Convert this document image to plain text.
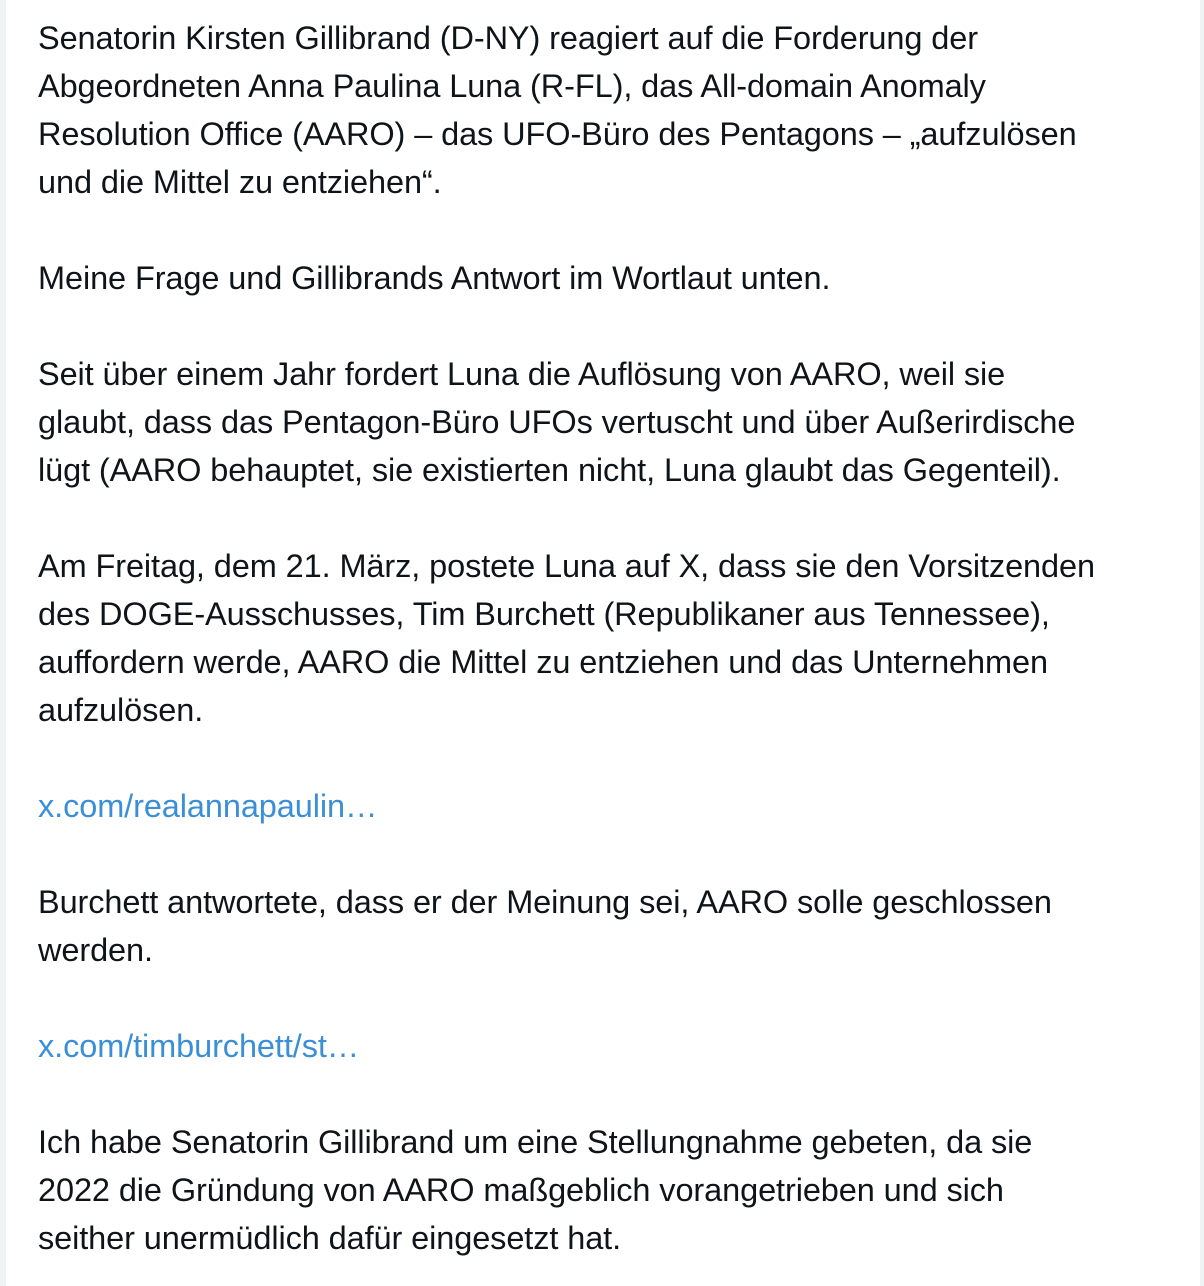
Senatorin Kirsten Gillibrand (D-NY) reagiert auf die Forderung der
Abgeordneten Anna Paulina Luna (R-FL), das All-domain Anomaly
Resolution Office (AARO) – das UFO-Büro des Pentagons – „aufzulösen
und die Mittel zu entziehen“.

Meine Frage und Gillibrands Antwort im Wortlaut unten.

Seit über einem Jahr fordert Luna die Auflösung von AARO, weil sie
glaubt, dass das Pentagon-Büro UFOs vertuscht und über Außerirdische
lügt (AARO behauptet, sie existierten nicht, Luna glaubt das Gegenteil).

Am Freitag, dem 21. März, postete Luna auf X, dass sie den Vorsitzenden
des DOGE-Ausschusses, Tim Burchett (Republikaner aus Tennessee),
auffordern werde, AARO die Mittel zu entziehen und das Unternehmen
aufzulösen.

x.com/realannapaulin…

Burchett antwortete, dass er der Meinung sei, AARO solle geschlossen
werden.

x.com/timburchett/st…

Ich habe Senatorin Gillibrand um eine Stellungnahme gebeten, da sie
2022 die Gründung von AARO maßgeblich vorangetrieben und sich
seither unermüdlich dafür eingesetzt hat.
